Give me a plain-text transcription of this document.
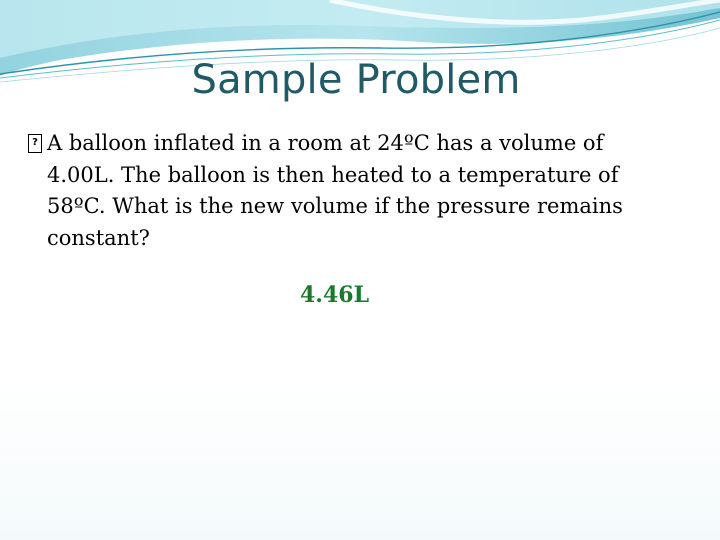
Sample Problem
? A balloon inflated in a room at 24ºC has a volume of 4.00L. The balloon is then heated to a temperature of 58ºC. What is the new volume if the pressure remains constant?
4.46L
